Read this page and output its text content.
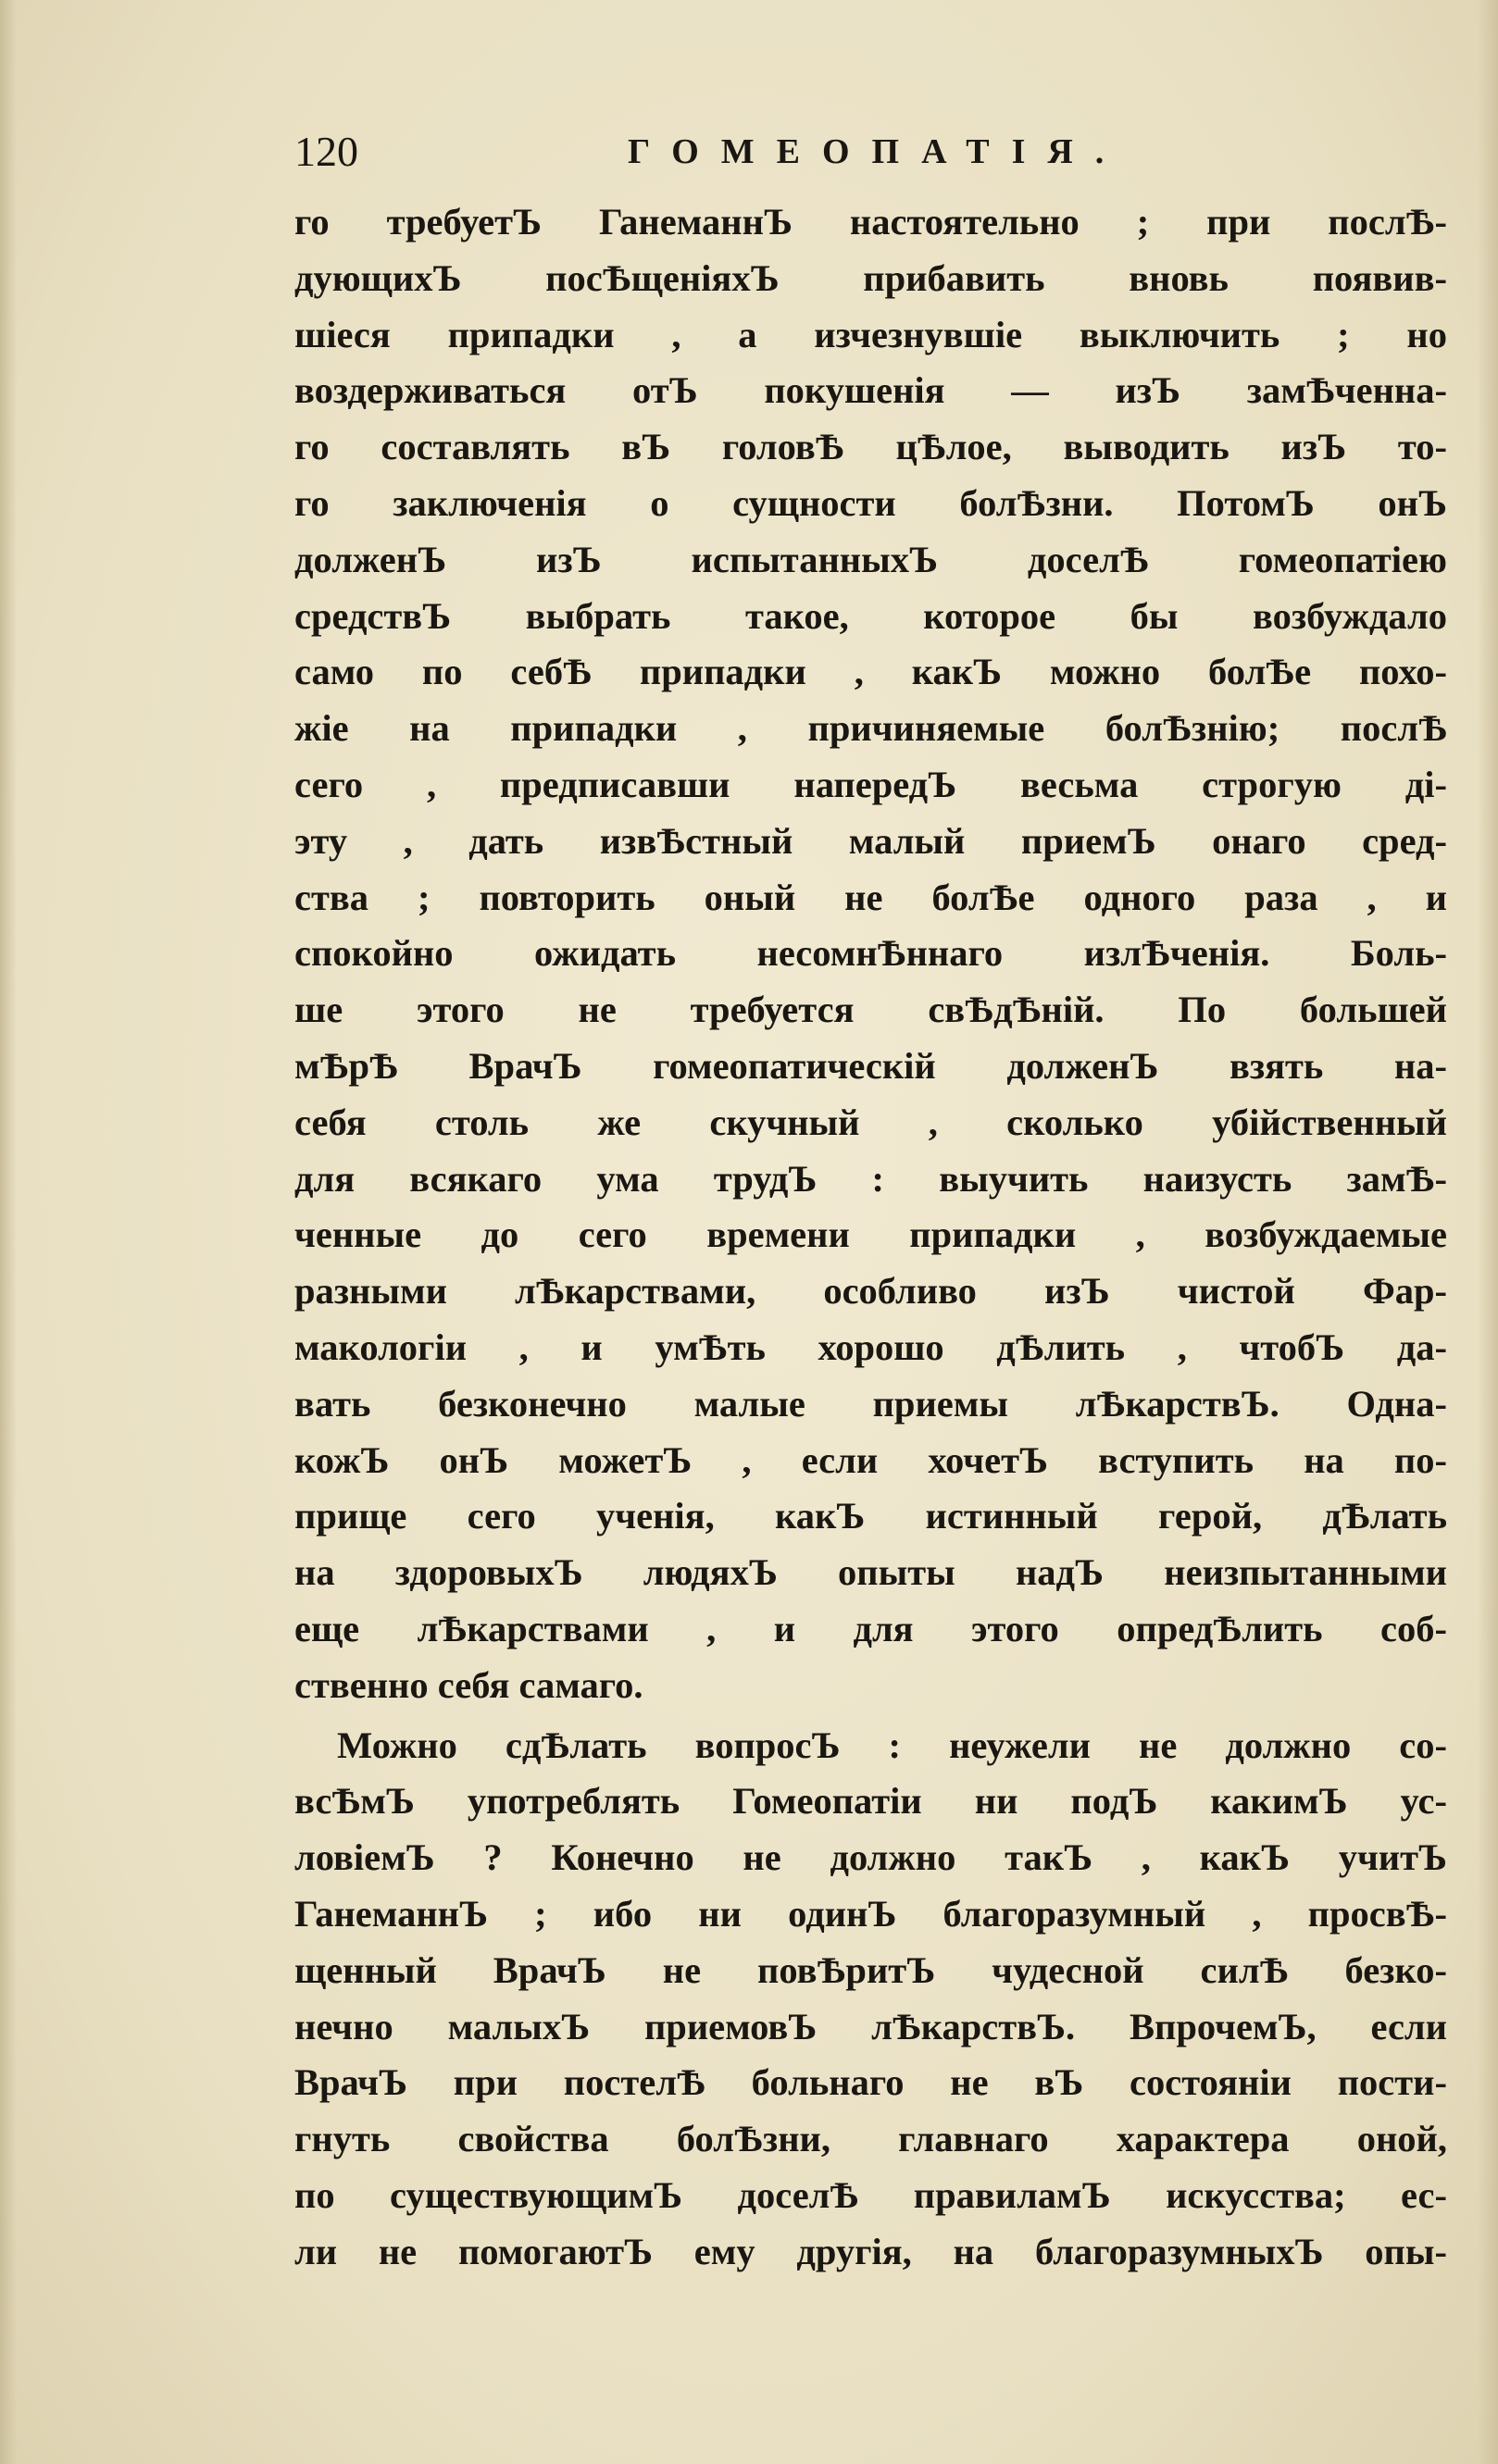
120	ГОМЕОПАТІЯ.
го требуетЪ ГанеманнЪ настоятельно ; при послѢ-
дующихЪ посѢщеніяхЪ прибавить вновь появив-
шіеся припадки , а изчезнувшіе выключить ; но
воздерживаться отЪ покушенія — изЪ замѢченна-
го составлять вЪ головѢ цѢлое, выводить изЪ то-
го заключенія о сущности болѢзни. ПотомЪ онЪ
долженЪ изЪ испытанныхЪ доселѢ гомеопатіею
средствЪ выбрать такое, которое бы возбуждало
само по себѢ припадки , какЪ можно болѢе похо-
жіе на припадки , причиняемые болѢзнію; послѢ
сего , предписавши напередЪ весьма строгую ді-
эту , дать извѢстный малый приемЪ онаго сред-
ства ; повторить оный не болѢе одного раза , и
спокойно ожидать несомнѢннаго излѢченія. Боль-
ше этого не требуется свѢдѢній. По большей
мѢрѢ ВрачЪ гомеопатическій долженЪ взять на-
себя столь же скучный , сколько убійственный
для всякаго ума трудЪ : выучить наизусть замѢ-
ченные до сего времени припадки , возбуждаемые
разными лѢкарствами, особливо изЪ чистой Фар-
макологіи , и умѢть хорошо дѢлить , чтобЪ да-
вать безконечно малые приемы лѢкарствЪ. Одна-
кожЪ онЪ можетЪ , если хочетЪ вступить на по-
прище сего ученія, какЪ истинный герой, дѢлать
на здоровыхЪ людяхЪ опыты надЪ неизпытанными
еще лѢкарствами , и для этого опредѢлить соб-
ственно себя самаго.
Можно сдѢлать вопросЪ : неужели не должно со-
всѢмЪ употреблять Гомеопатіи ни подЪ какимЪ ус-
ловіемЪ ? Конечно не должно такЪ , какЪ учитЪ
ГанеманнЪ ; ибо ни одинЪ благоразумный , просвѢ-
щенный ВрачЪ не повѢритЪ чудесной силѢ безко-
нечно малыхЪ приемовЪ лѢкарствЪ. ВпрочемЪ, если
ВрачЪ при постелѢ больнаго не вЪ состояніи пости-
гнуть свойства болѢзни, главнаго характера оной,
по существующимЪ доселѢ правиламЪ искусства; ес-
ли не помогаютЪ ему другія, на благоразумныхЪ опы-
